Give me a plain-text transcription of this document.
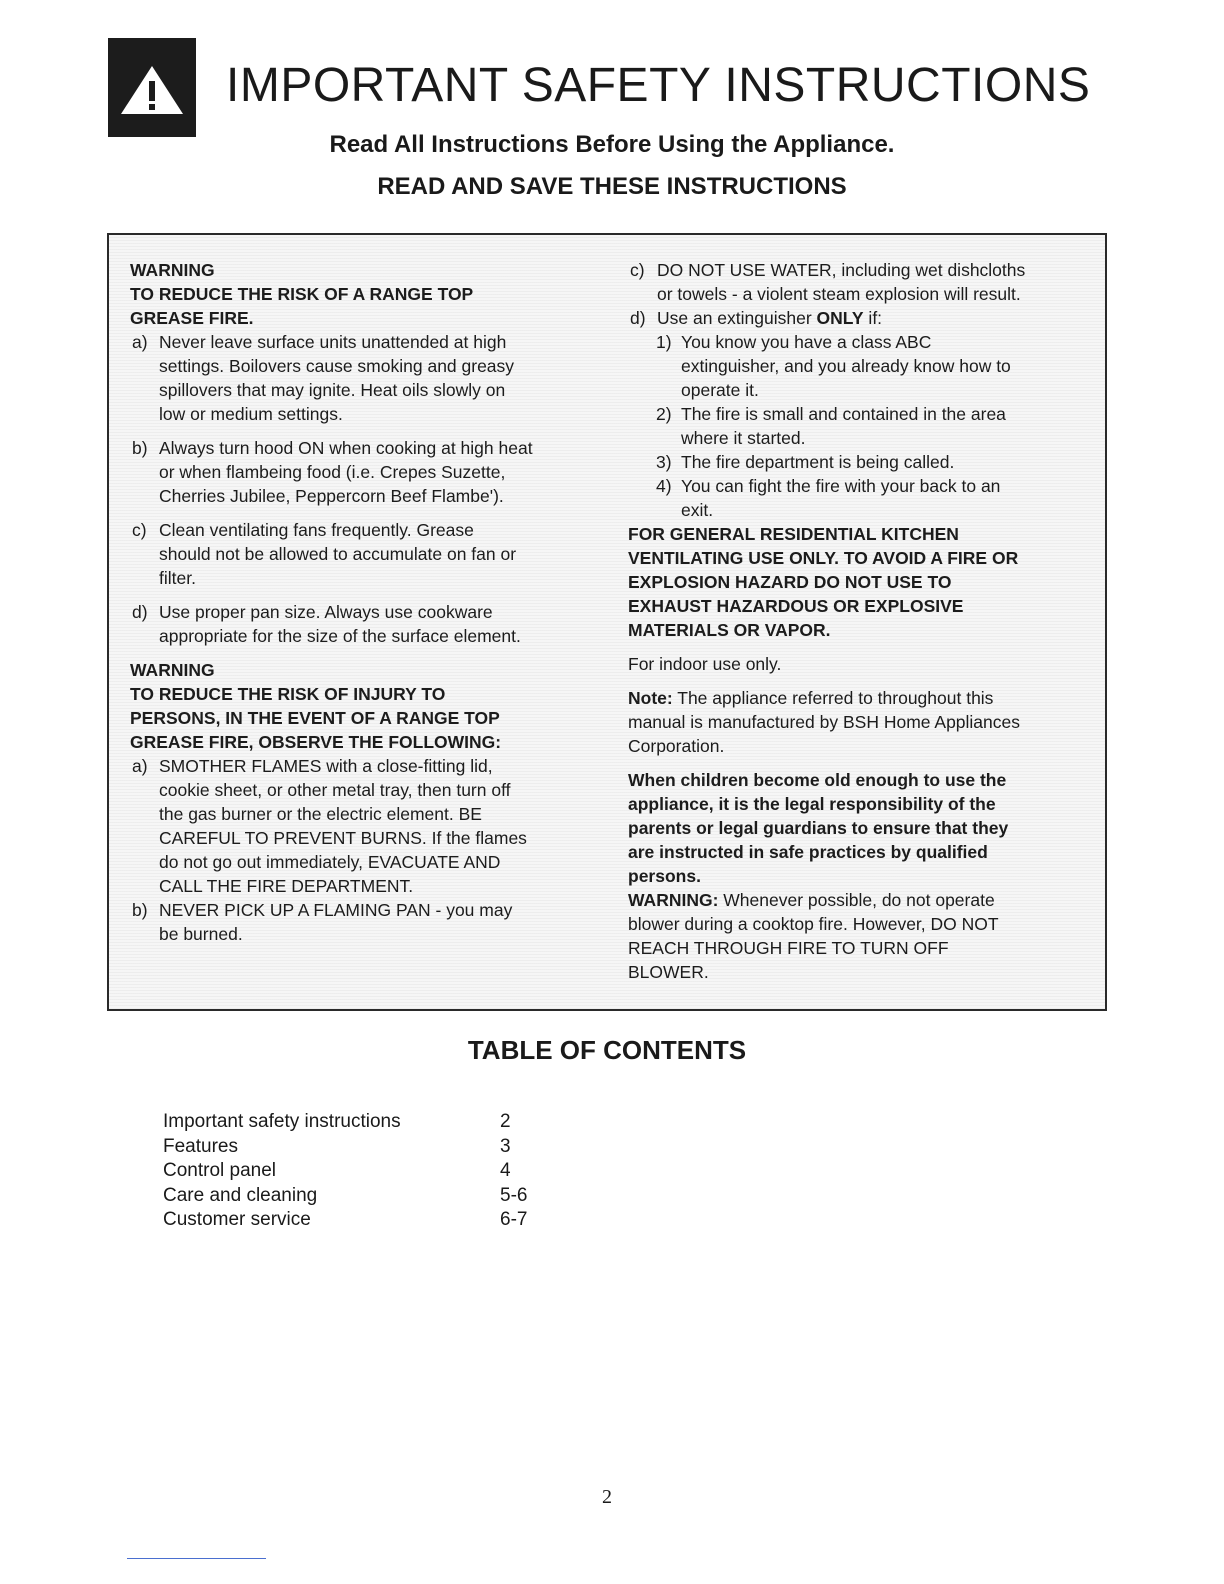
IMPORTANT SAFETY INSTRUCTIONS
Read All Instructions Before Using the Appliance.
READ AND SAVE THESE INSTRUCTIONS
WARNING
TO REDUCE THE RISK OF A RANGE TOP
GREASE FIRE.
a) Never leave surface units unattended at high
settings. Boilovers cause smoking and greasy
spillovers that may ignite. Heat oils slowly on
low or medium settings.
b) Always turn hood ON when cooking at high heat
or when flambeing food (i.e. Crepes Suzette,
Cherries Jubilee, Peppercorn Beef Flambe').
c) Clean ventilating fans frequently. Grease
should not be allowed to accumulate on fan or
filter.
d) Use proper pan size. Always use cookware
appropriate for the size of the surface element.
WARNING
TO REDUCE THE RISK OF INJURY TO
PERSONS, IN THE EVENT OF A RANGE TOP
GREASE FIRE, OBSERVE THE FOLLOWING:
a) SMOTHER FLAMES with a close-fitting lid,
cookie sheet, or other metal tray, then turn off
the gas burner or the electric element. BE
CAREFUL TO PREVENT BURNS. If the flames
do not go out immediately, EVACUATE AND
CALL THE FIRE DEPARTMENT.
b) NEVER PICK UP A FLAMING PAN - you may
be burned.
c) DO NOT USE WATER, including wet dishcloths
or towels - a violent steam explosion will result.
d) Use an extinguisher ONLY if:
1) You know you have a class ABC
extinguisher, and you already know how to
operate it.
2) The fire is small and contained in the area
where it started.
3) The fire department is being called.
4) You can fight the fire with your back to an
exit.
FOR GENERAL RESIDENTIAL KITCHEN
VENTILATING USE ONLY. TO AVOID A FIRE OR
EXPLOSION HAZARD DO NOT USE TO
EXHAUST HAZARDOUS OR EXPLOSIVE
MATERIALS OR VAPOR.
For indoor use only.
Note: The appliance referred to throughout this
manual is manufactured by BSH Home Appliances
Corporation.
When children become old enough to use the
appliance, it is the legal responsibility of the
parents or legal guardians to ensure that they
are instructed in safe practices by qualified
persons.
WARNING: Whenever possible, do not operate
blower during a cooktop fire. However, DO NOT
REACH THROUGH FIRE TO TURN OFF
BLOWER.
TABLE OF CONTENTS
Important safety instructions	2
Features	3
Control panel	4
Care and cleaning	5-6
Customer service	6-7
2
